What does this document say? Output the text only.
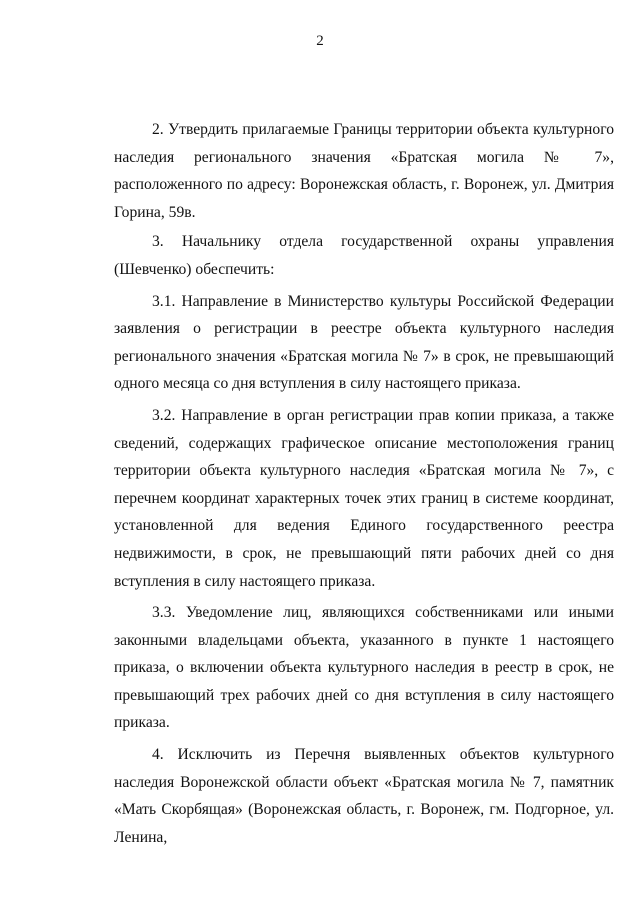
2

2. Утвердить прилагаемые Границы территории объекта культурного наследия регионального значения «Братская могила № 7», расположенного по адресу: Воронежская область, г. Воронеж, ул. Дмитрия Горина, 59в.

3. Начальнику отдела государственной охраны управления (Шевченко) обеспечить:

3.1. Направление в Министерство культуры Российской Федерации заявления о регистрации в реестре объекта культурного наследия регионального значения «Братская могила № 7» в срок, не превышающий одного месяца со дня вступления в силу настоящего приказа.

3.2. Направление в орган регистрации прав копии приказа, а также сведений, содержащих графическое описание местоположения границ территории объекта культурного наследия «Братская могила № 7», с перечнем координат характерных точек этих границ в системе координат, установленной для ведения Единого государственного реестра недвижимости, в срок, не превышающий пяти рабочих дней со дня вступления в силу настоящего приказа.

3.3. Уведомление лиц, являющихся собственниками или иными законными владельцами объекта, указанного в пункте 1 настоящего приказа, о включении объекта культурного наследия в реестр в срок, не превышающий трех рабочих дней со дня вступления в силу настоящего приказа.

4. Исключить из Перечня выявленных объектов культурного наследия Воронежской области объект «Братская могила № 7, памятник «Мать Скорбящая» (Воронежская область, г. Воронеж, гм. Подгорное, ул. Ленина,
